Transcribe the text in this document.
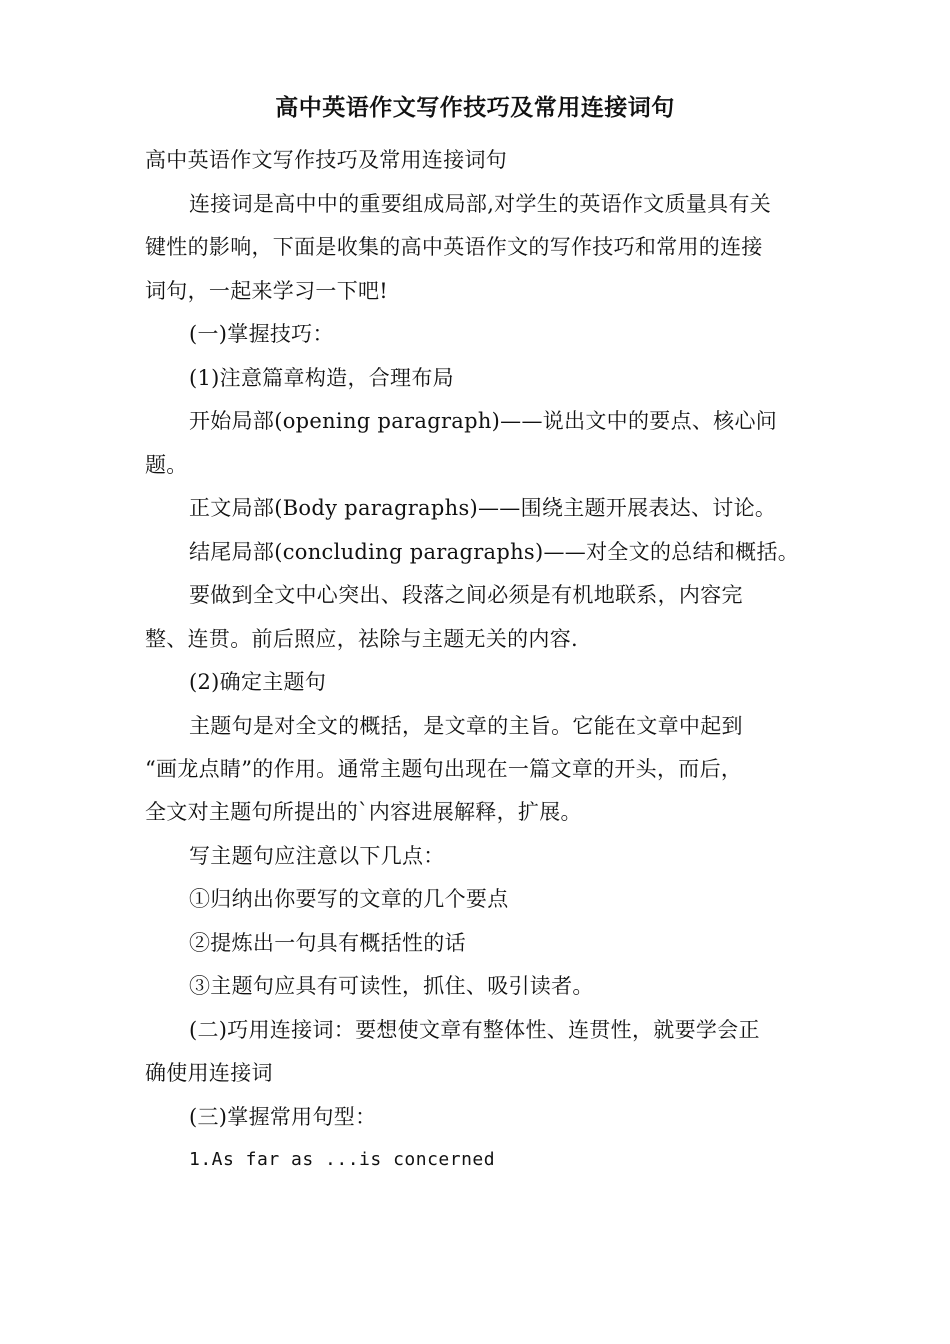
高中英语作文写作技巧及常用连接词句
高中英语作文写作技巧及常用连接词句
连接词是高中中的重要组成局部,对学生的英语作文质量具有关
键性的影响，下面是收集的高中英语作文的写作技巧和常用的连接
词句，一起来学习一下吧!
(一)掌握技巧：
(1)注意篇章构造，合理布局
开始局部(opening paragraph)——说出文中的要点、核心问
题。
正文局部(Body paragraphs)——围绕主题开展表达、讨论。
结尾局部(concluding paragraphs)——对全文的总结和概括。
要做到全文中心突出、段落之间必须是有机地联系，内容完
整、连贯。前后照应，祛除与主题无关的内容.
(2)确定主题句
主题句是对全文的概括，是文章的主旨。它能在文章中起到
“画龙点睛”的作用。通常主题句出现在一篇文章的开头，而后，
全文对主题句所提出的`内容进展解释，扩展。
写主题句应注意以下几点：
①归纳出你要写的文章的几个要点
②提炼出一句具有概括性的话
③主题句应具有可读性，抓住、吸引读者。
(二)巧用连接词：要想使文章有整体性、连贯性，就要学会正
确使用连接词
(三)掌握常用句型：
1.As far as ...is concerned
